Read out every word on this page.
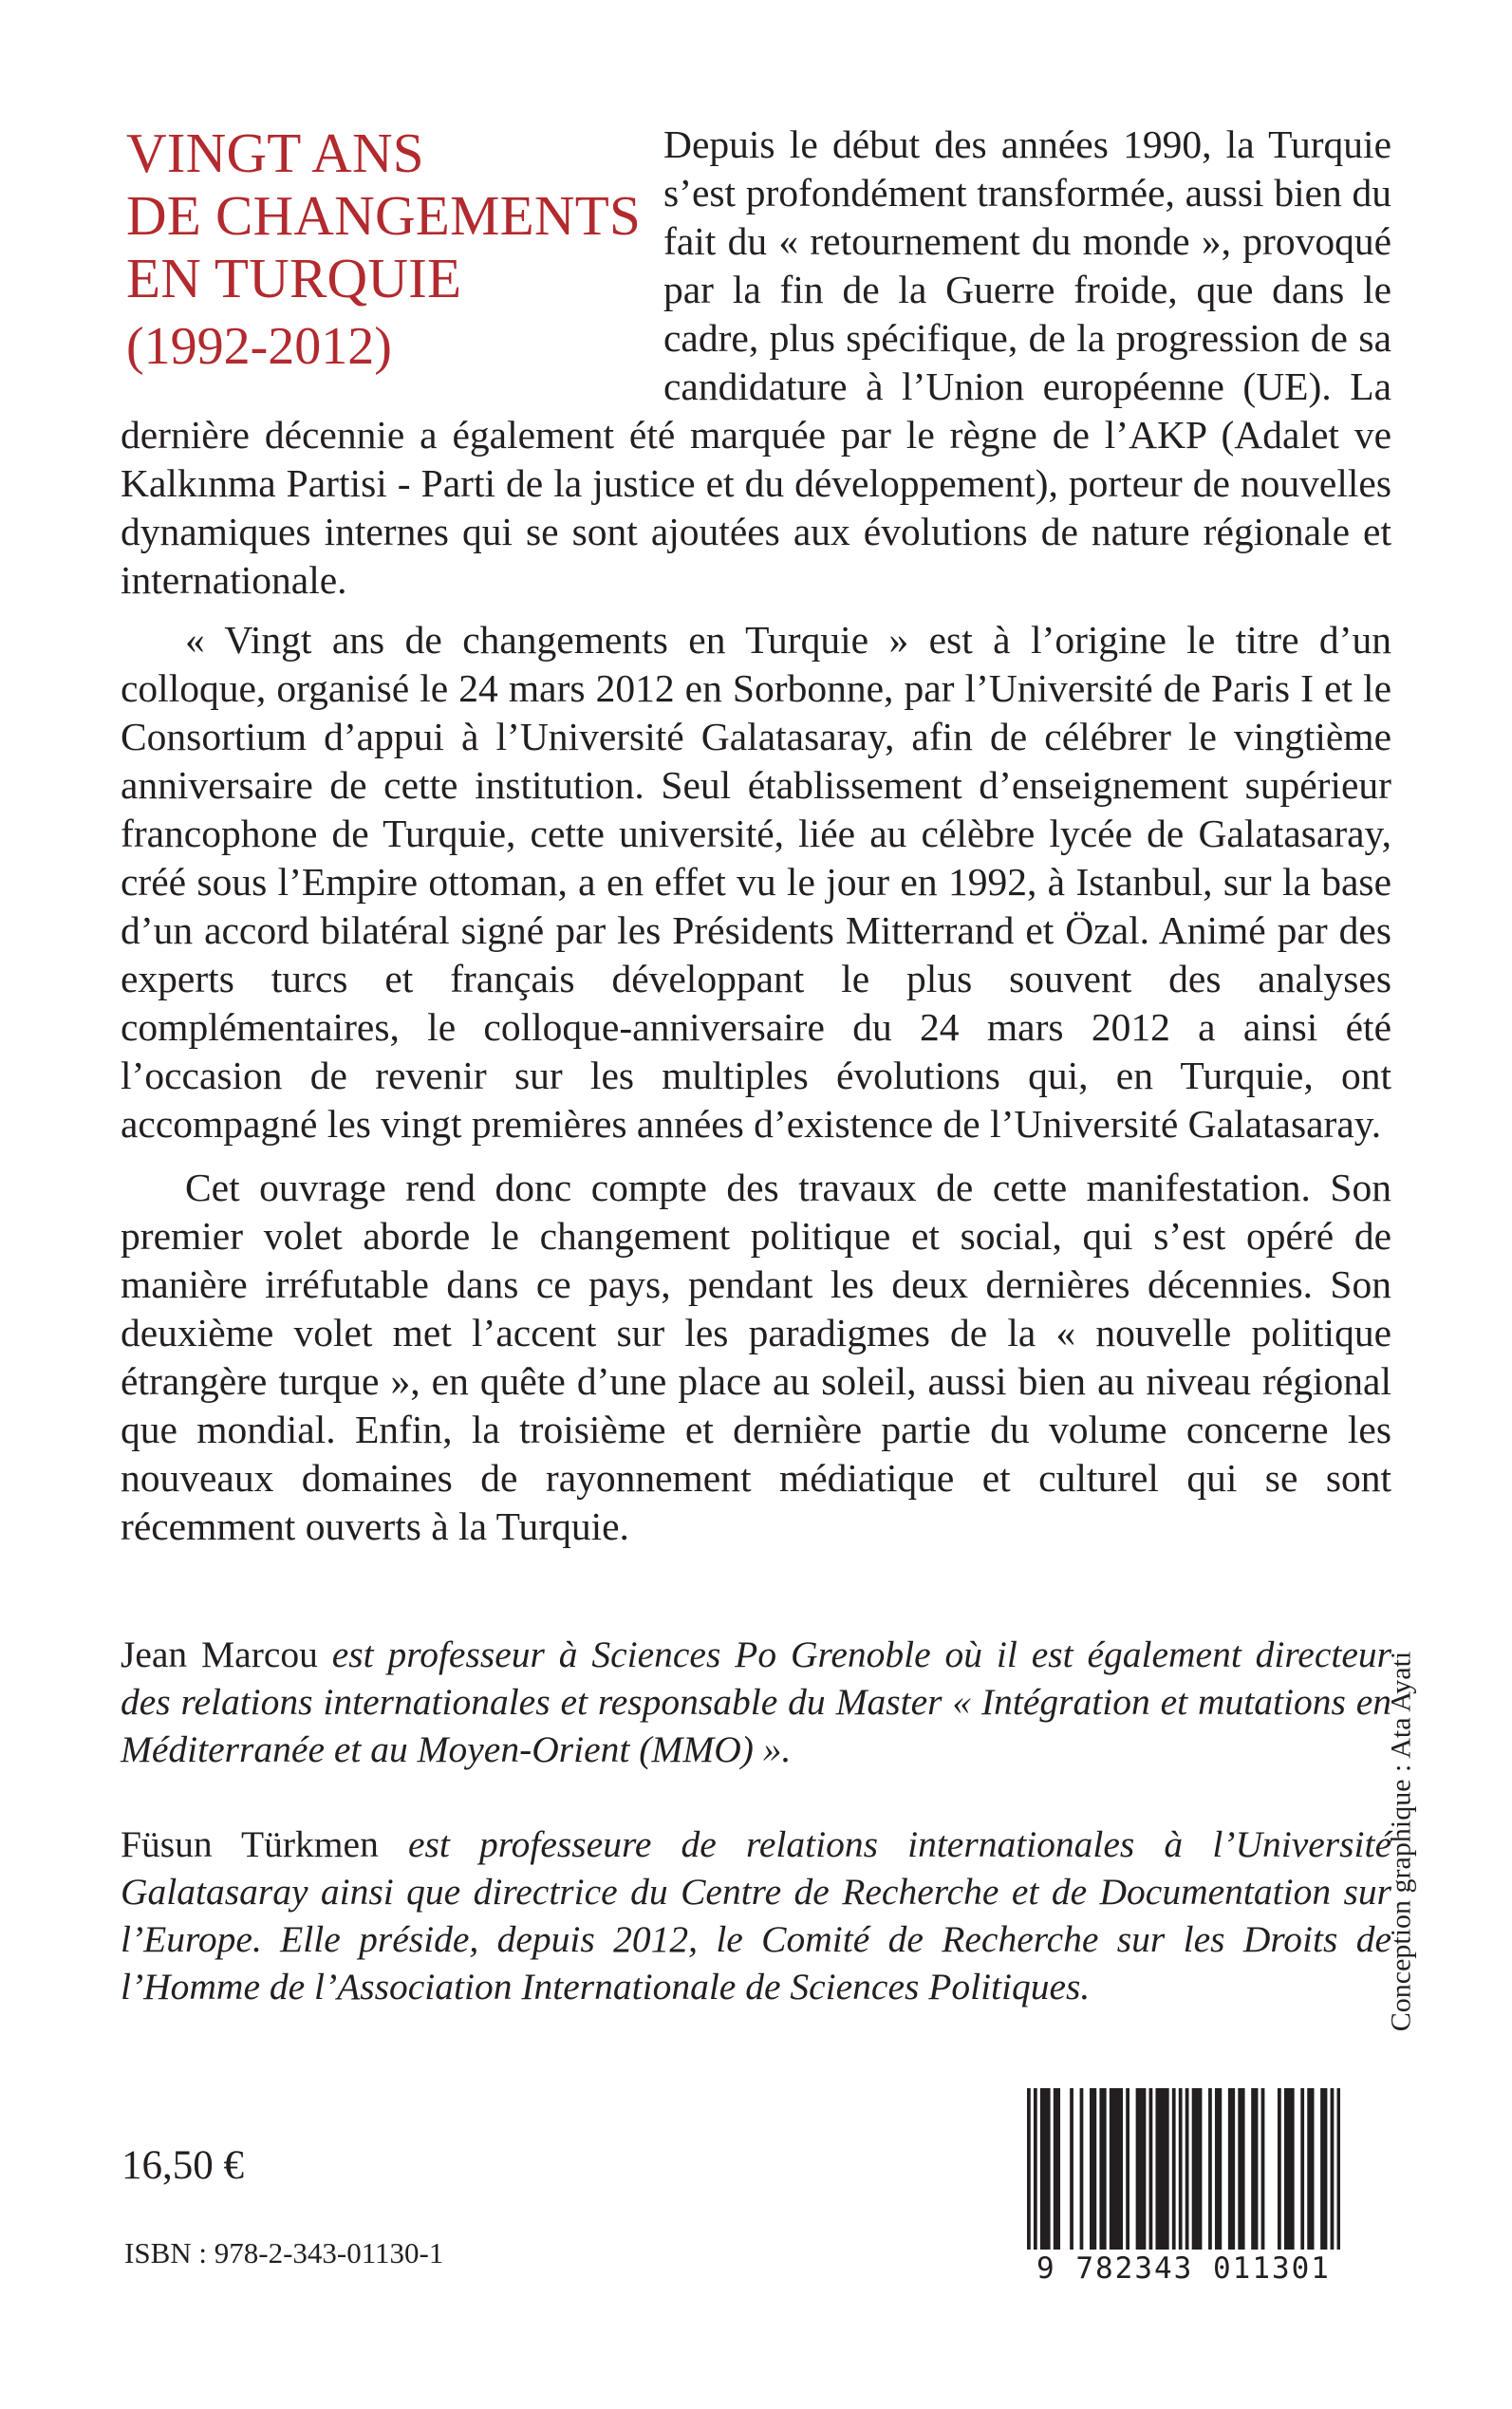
VINGT ANS
DE CHANGEMENTS
EN TURQUIE
(1992-2012)

Depuis le début des années 1990, la Turquie s’est profondément transformée, aussi bien du fait du « retournement du monde », provoqué par la fin de la Guerre froide, que dans le cadre, plus spécifique, de la progression de sa candidature à l’Union européenne (UE). La dernière décennie a également été marquée par le règne de l’AKP (Adalet ve Kalkınma Partisi - Parti de la justice et du développement), porteur de nouvelles dynamiques internes qui se sont ajoutées aux évolutions de nature régionale et internationale.

« Vingt ans de changements en Turquie » est à l’origine le titre d’un colloque, organisé le 24 mars 2012 en Sorbonne, par l’Université de Paris I et le Consortium d’appui à l’Université Galatasaray, afin de célébrer le vingtième anniversaire de cette institution. Seul établissement d’enseignement supérieur francophone de Turquie, cette université, liée au célèbre lycée de Galatasaray, créé sous l’Empire ottoman, a en effet vu le jour en 1992, à Istanbul, sur la base d’un accord bilatéral signé par les Présidents Mitterrand et Özal. Animé par des experts turcs et français développant le plus souvent des analyses complémentaires, le colloque-anniversaire du 24 mars 2012 a ainsi été l’occasion de revenir sur les multiples évolutions qui, en Turquie, ont accompagné les vingt premières années d’existence de l’Université Galatasaray.

Cet ouvrage rend donc compte des travaux de cette manifestation. Son premier volet aborde le changement politique et social, qui s’est opéré de manière irréfutable dans ce pays, pendant les deux dernières décennies. Son deuxième volet met l’accent sur les paradigmes de la « nouvelle politique étrangère turque », en quête d’une place au soleil, aussi bien au niveau régional que mondial. Enfin, la troisième et dernière partie du volume concerne les nouveaux domaines de rayonnement médiatique et culturel qui se sont récemment ouverts à la Turquie.

Jean Marcou est professeur à Sciences Po Grenoble où il est également directeur des relations internationales et responsable du Master « Intégration et mutations en Méditerranée et au Moyen-Orient (MMO) ».

Füsun Türkmen est professeure de relations internationales à l’Université Galatasaray ainsi que directrice du Centre de Recherche et de Documentation sur l’Europe. Elle préside, depuis 2012, le Comité de Recherche sur les Droits de l’Homme de l’Association Internationale de Sciences Politiques.	Conception graphique : Ata Ayati
16,50 €
ISBN : 978-2-343-01130-1	9 782343 011301
